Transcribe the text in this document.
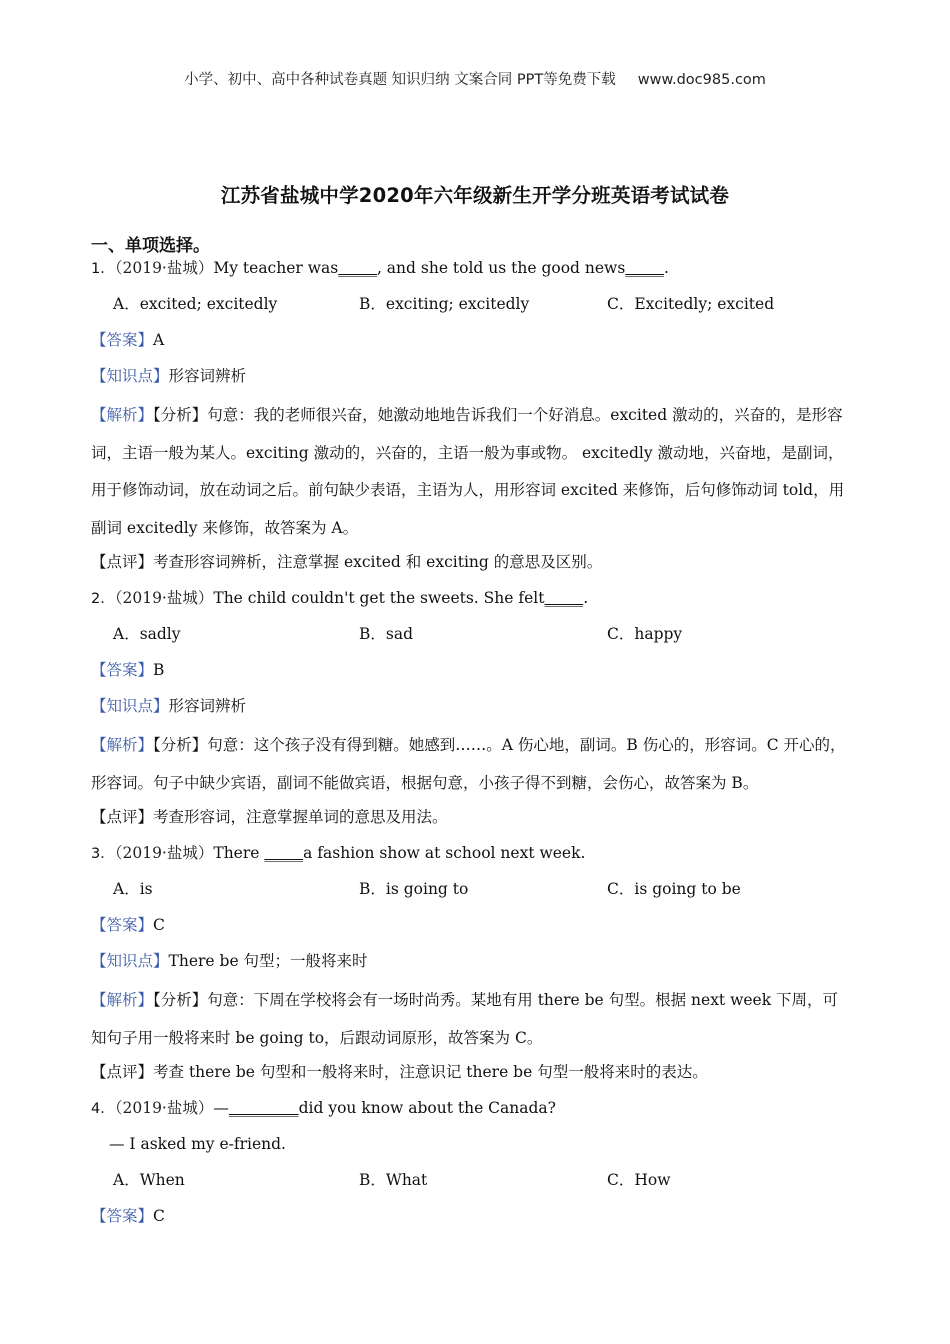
小学、初中、高中各种试卷真题 知识归纳 文案合同 PPT等免费下载 www.doc985.com
江苏省盐城中学2020年六年级新生开学分班英语考试试卷
一、单项选择。
1．（2019·盐城）My teacher was_____, and she told us the good news_____.
A．excited; excitedly	B．exciting; excitedly	C．Excitedly; excited
【答案】A
【知识点】形容词辨析
【解析】【分析】句意：我的老师很兴奋，她激动地地告诉我们一个好消息。excited 激动的，兴奋的，是形容词，主语一般为某人。exciting 激动的，兴奋的，主语一般为事或物。 excitedly 激动地，兴奋地，是副词，用于修饰动词，放在动词之后。前句缺少表语，主语为人，用形容词 excited 来修饰，后句修饰动词 told，用副词 excitedly 来修饰，故答案为 A。
【点评】考查形容词辨析，注意掌握 excited 和 exciting 的意思及区别。
2．（2019·盐城）The child couldn't get the sweets. She felt_____.
A．sadly	B．sad	C．happy
【答案】B
【知识点】形容词辨析
【解析】【分析】句意：这个孩子没有得到糖。她感到……。A 伤心地，副词。B 伤心的，形容词。C 开心的，形容词。句子中缺少宾语，副词不能做宾语，根据句意，小孩子得不到糖，会伤心，故答案为 B。
【点评】考查形容词，注意掌握单词的意思及用法。
3．（2019·盐城）There _____a fashion show at school next week.
A．is	B．is going to	C．is going to be
【答案】C
【知识点】There be 句型；一般将来时
【解析】【分析】句意：下周在学校将会有一场时尚秀。某地有用 there be 句型。根据 next week 下周，可知句子用一般将来时 be going to，后跟动词原形，故答案为 C。
【点评】考查 there be 句型和一般将来时，注意识记 there be 句型一般将来时的表达。
4．（2019·盐城）—_________did you know about the Canada?
— I asked my e-friend.
A．When	B．What	C．How
【答案】C
